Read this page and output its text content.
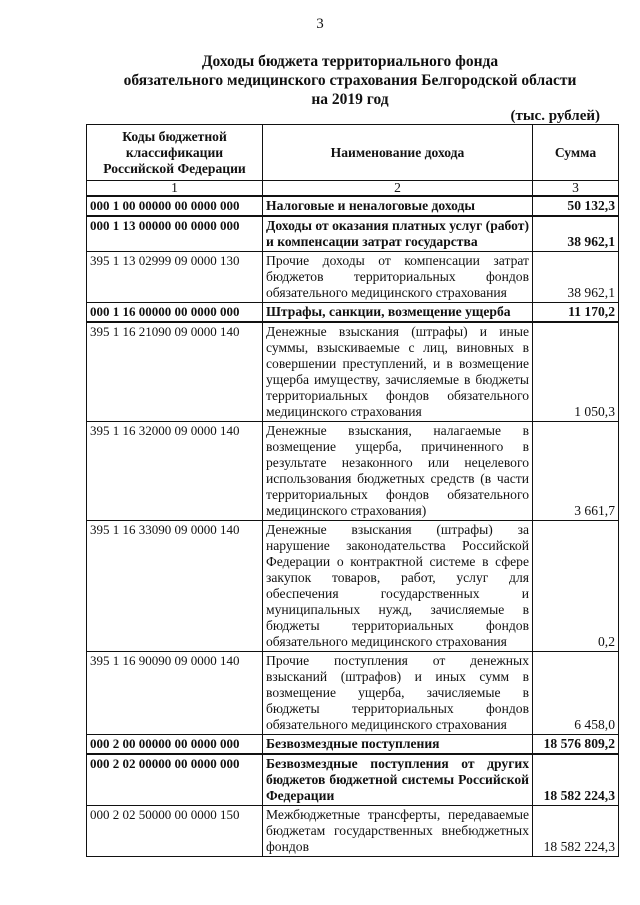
3
Доходы бюджета территориального фонда
обязательного медицинского страхования Белгородской области
на 2019 год
(тыс. рублей)
Коды бюджетной классификации Российской Федерации	Наименование дохода	Сумма
1	2	3
000 1 00 00000 00 0000 000	Налоговые и неналоговые доходы	50 132,3
000 1 13 00000 00 0000 000	Доходы от оказания платных услуг (работ) и компенсации затрат государства	38 962,1
395 1 13 02999 09 0000 130	Прочие доходы от компенсации затрат бюджетов территориальных фондов обязательного медицинского страхования	38 962,1
000 1 16 00000 00 0000 000	Штрафы, санкции, возмещение ущерба	11 170,2
395 1 16 21090 09 0000 140	Денежные взыскания (штрафы) и иные суммы, взыскиваемые с лиц, виновных в совершении преступлений, и в возмещение ущерба имуществу, зачисляемые в бюджеты территориальных фондов обязательного медицинского страхования	1 050,3
395 1 16 32000 09 0000 140	Денежные взыскания, налагаемые в возмещение ущерба, причиненного в результате незаконного или нецелевого использования бюджетных средств (в части территориальных фондов обязательного медицинского страхования)	3 661,7
395 1 16 33090 09 0000 140	Денежные взыскания (штрафы) за нарушение законодательства Российской Федерации о контрактной системе в сфере закупок товаров, работ, услуг для обеспечения государственных и муниципальных нужд, зачисляемые в бюджеты территориальных фондов обязательного медицинского страхования	0,2
395 1 16 90090 09 0000 140	Прочие поступления от денежных взысканий (штрафов) и иных сумм в возмещение ущерба, зачисляемые в бюджеты территориальных фондов обязательного медицинского страхования	6 458,0
000 2 00 00000 00 0000 000	Безвозмездные поступления	18 576 809,2
000 2 02 00000 00 0000 000	Безвозмездные поступления от других бюджетов бюджетной системы Российской Федерации	18 582 224,3
000 2 02 50000 00 0000 150	Межбюджетные трансферты, передаваемые бюджетам государственных внебюджетных фондов	18 582 224,3
